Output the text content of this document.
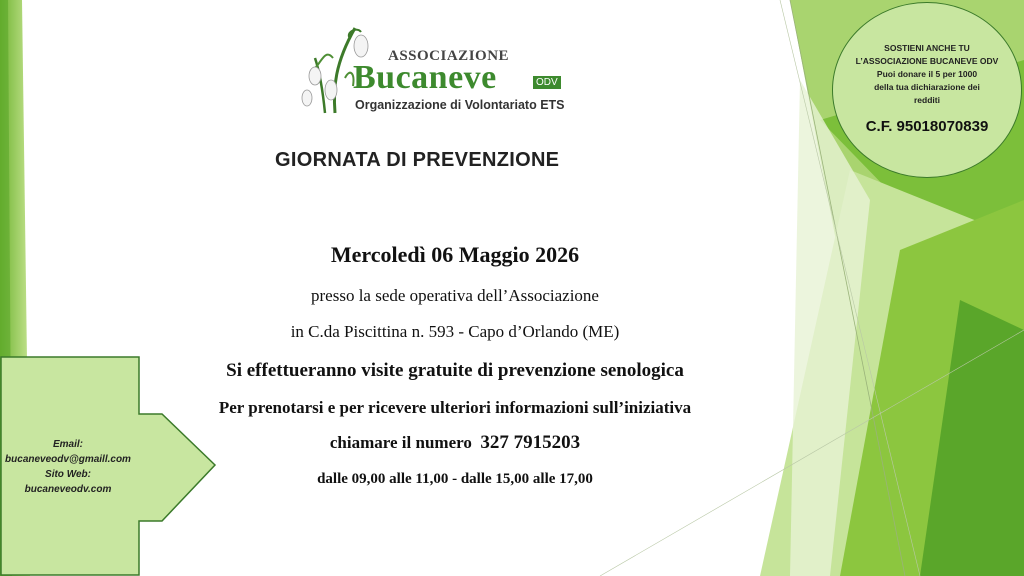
ASSOCIAZIONE
Bucaneve	ODV
Organizzazione di Volontariato ETS
GIORNATA DI PREVENZIONE
Mercoledì 06 Maggio 2026
presso la sede operativa dell’Associazione
in C.da Piscittina n. 593 - Capo d’Orlando (ME)
Si effettueranno visite gratuite di prevenzione senologica
Per prenotarsi e per ricevere ulteriori informazioni sull’iniziativa
chiamare il numero 327 7915203
dalle 09,00 alle 11,00 - dalle 15,00 alle 17,00
Email:
bucaneveodv@gmaill.com
Sito Web:
bucaneveodv.com
SOSTIENI ANCHE TU
L’ASSOCIAZIONE BUCANEVE ODV
Puoi donare il 5 per 1000
della tua dichiarazione dei
redditi
C.F. 95018070839
